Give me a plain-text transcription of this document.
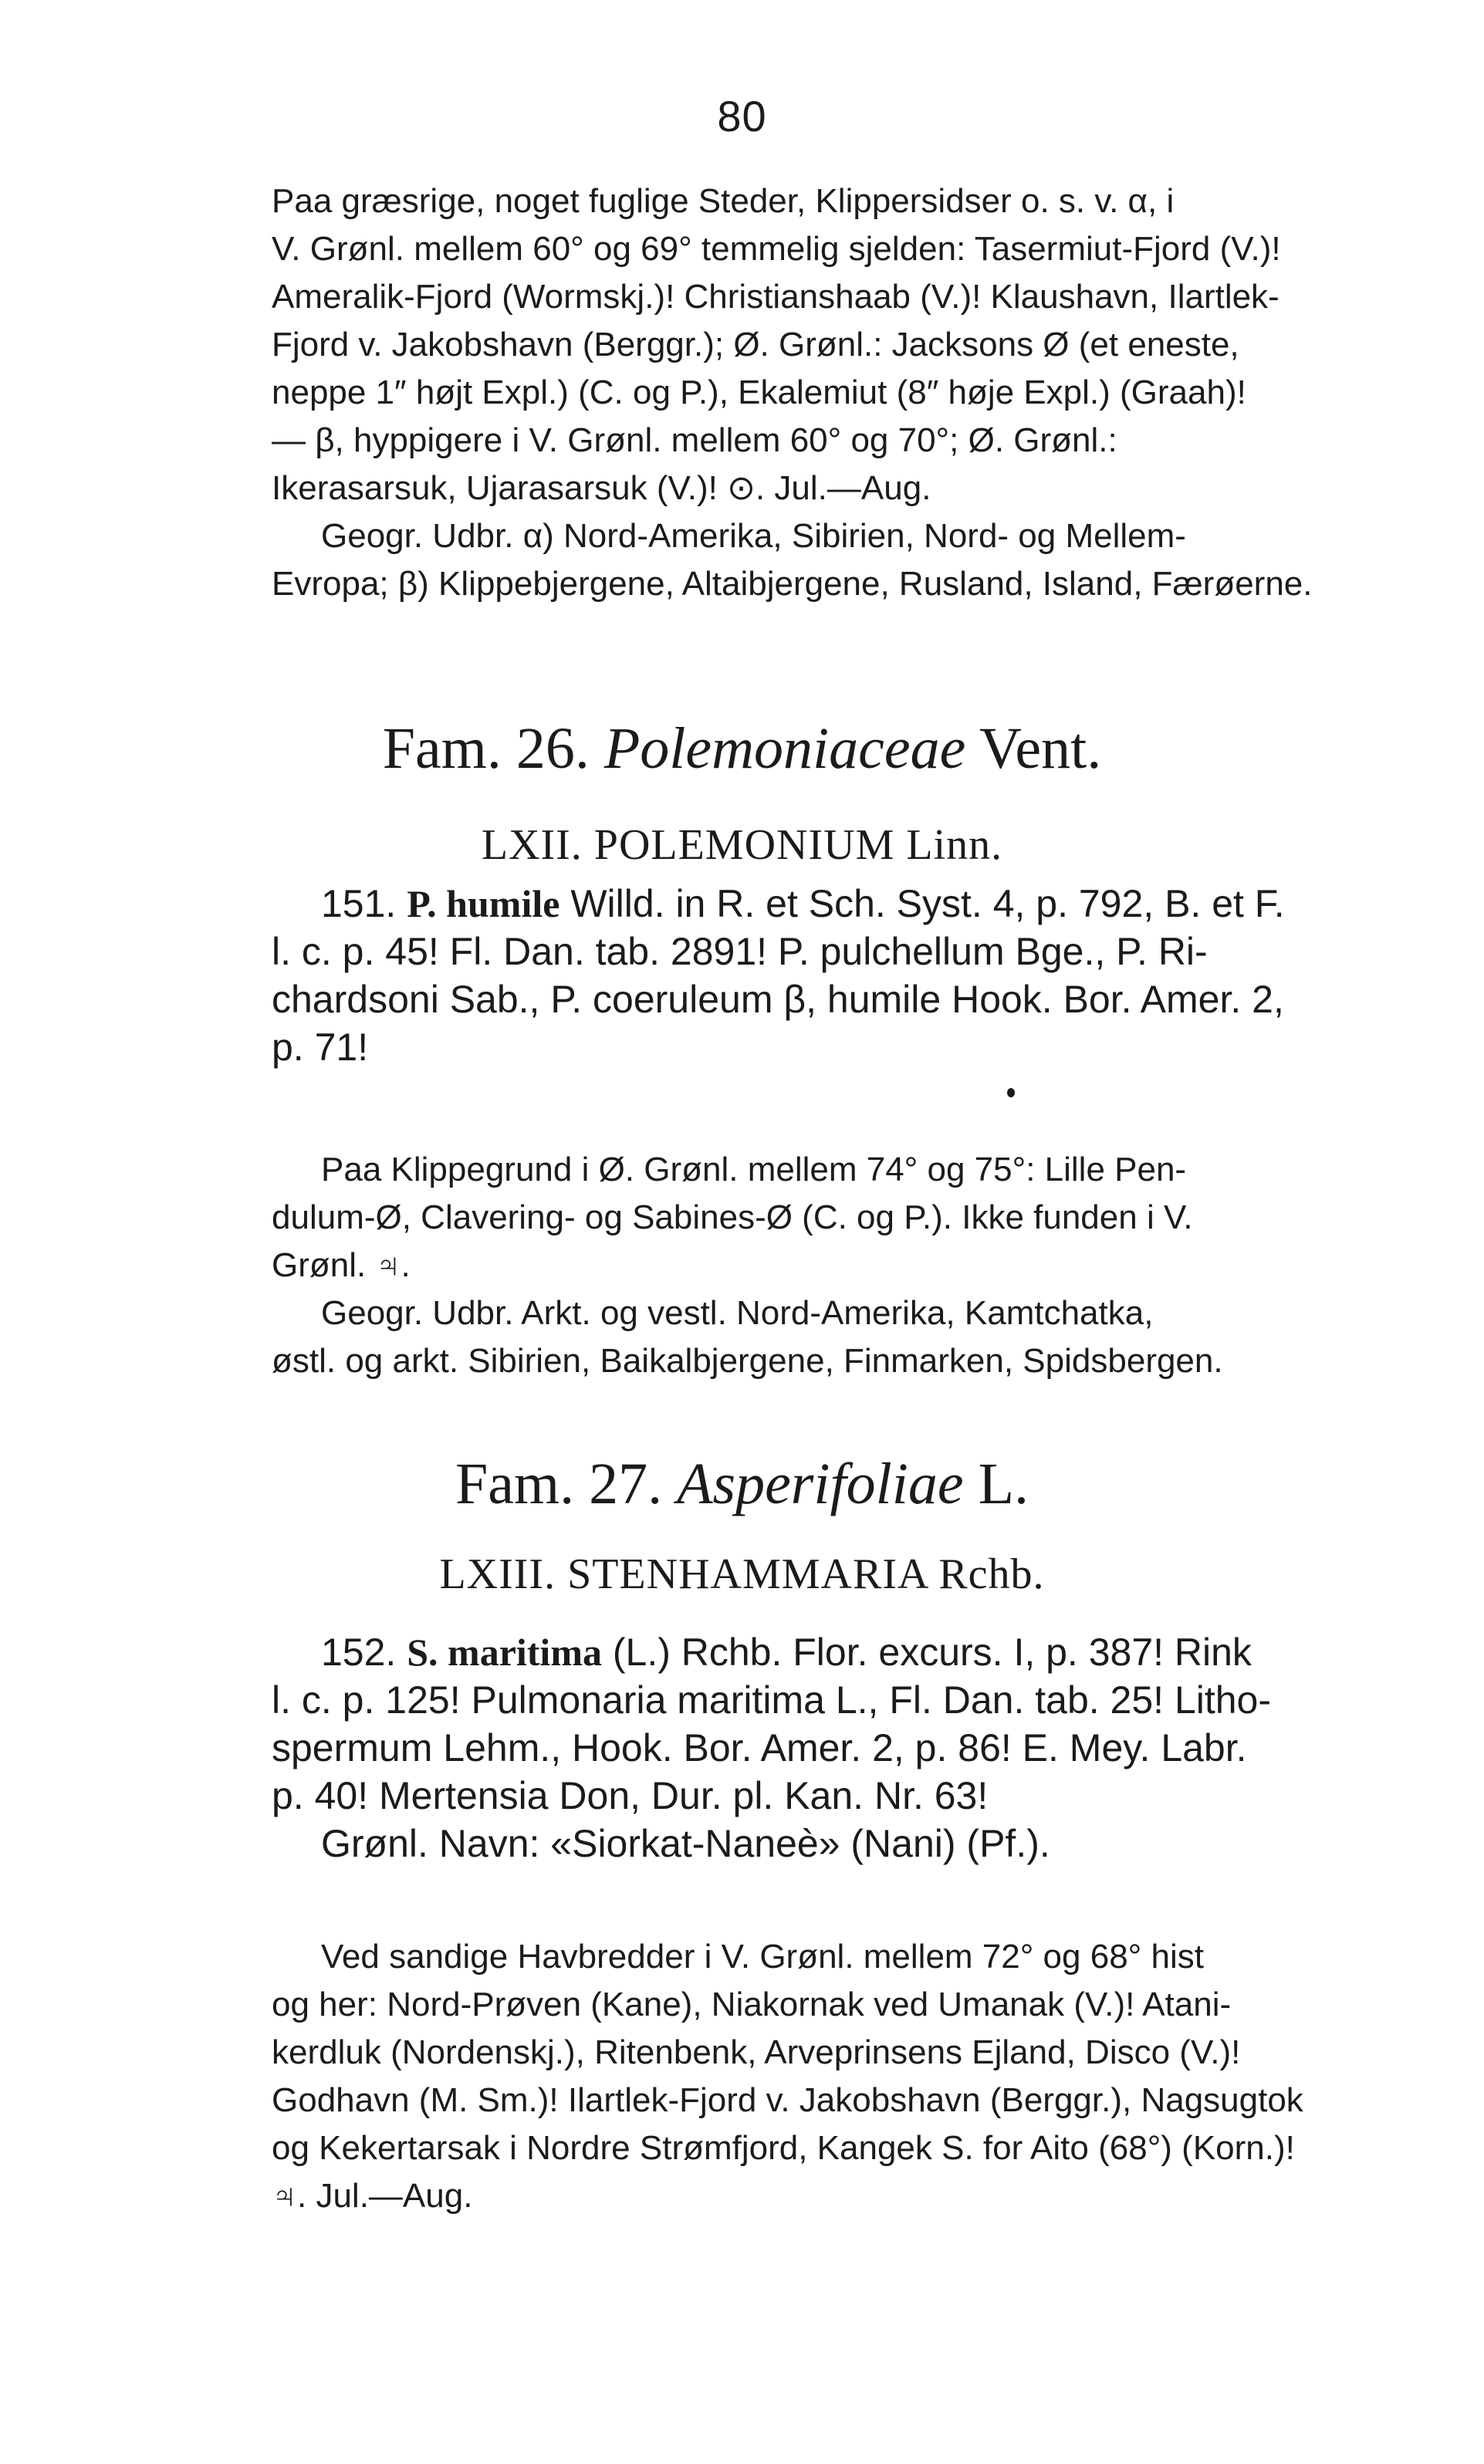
80
Paa græsrige, noget fuglige Steder, Klippersidser o. s. v. α, i
V. Grønl. mellem 60° og 69° temmelig sjelden: Tasermiut-Fjord (V.)!
Ameralik-Fjord (Wormskj.)! Christianshaab (V.)! Klaushavn, Ilartlek-
Fjord v. Jakobshavn (Berggr.); Ø. Grønl.: Jacksons Ø (et eneste,
neppe 1″ højt Expl.) (C. og P.), Ekalemiut (8″ høje Expl.) (Graah)!
— β, hyppigere i V. Grønl. mellem 60° og 70°; Ø. Grønl.:
Ikerasarsuk, Ujarasarsuk (V.)! ⊙. Jul.—Aug.
Geogr. Udbr. α) Nord-Amerika, Sibirien, Nord- og Mellem-
Evropa; β) Klippebjergene, Altaibjergene, Rusland, Island, Færøerne.
Fam. 26. Polemoniaceae Vent.
LXII. POLEMONIUM Linn.
151. P. humile Willd. in R. et Sch. Syst. 4, p. 792, B. et F.
l. c. p. 45! Fl. Dan. tab. 2891! P. pulchellum Bge., P. Ri-
chardsoni Sab., P. coeruleum β, humile Hook. Bor. Amer. 2,
p. 71!
Paa Klippegrund i Ø. Grønl. mellem 74° og 75°: Lille Pen-
dulum-Ø, Clavering- og Sabines-Ø (C. og P.). Ikke funden i V.
Grønl. ♃.
Geogr. Udbr. Arkt. og vestl. Nord-Amerika, Kamtchatka,
østl. og arkt. Sibirien, Baikalbjergene, Finmarken, Spidsbergen.
Fam. 27. Asperifoliae L.
LXIII. STENHAMMARIA Rchb.
152. S. maritima (L.) Rchb. Flor. excurs. I, p. 387! Rink
l. c. p. 125! Pulmonaria maritima L., Fl. Dan. tab. 25! Litho-
spermum Lehm., Hook. Bor. Amer. 2, p. 86! E. Mey. Labr.
p. 40! Mertensia Don, Dur. pl. Kan. Nr. 63!
Grønl. Navn: «Siorkat-Naneè» (Nani) (Pf.).
Ved sandige Havbredder i V. Grønl. mellem 72° og 68° hist
og her: Nord-Prøven (Kane), Niakornak ved Umanak (V.)! Atani-
kerdluk (Nordenskj.), Ritenbenk, Arveprinsens Ejland, Disco (V.)!
Godhavn (M. Sm.)! Ilartlek-Fjord v. Jakobshavn (Berggr.), Nagsugtok
og Kekertarsak i Nordre Strømfjord, Kangek S. for Aito (68°) (Korn.)!
♃. Jul.—Aug.
